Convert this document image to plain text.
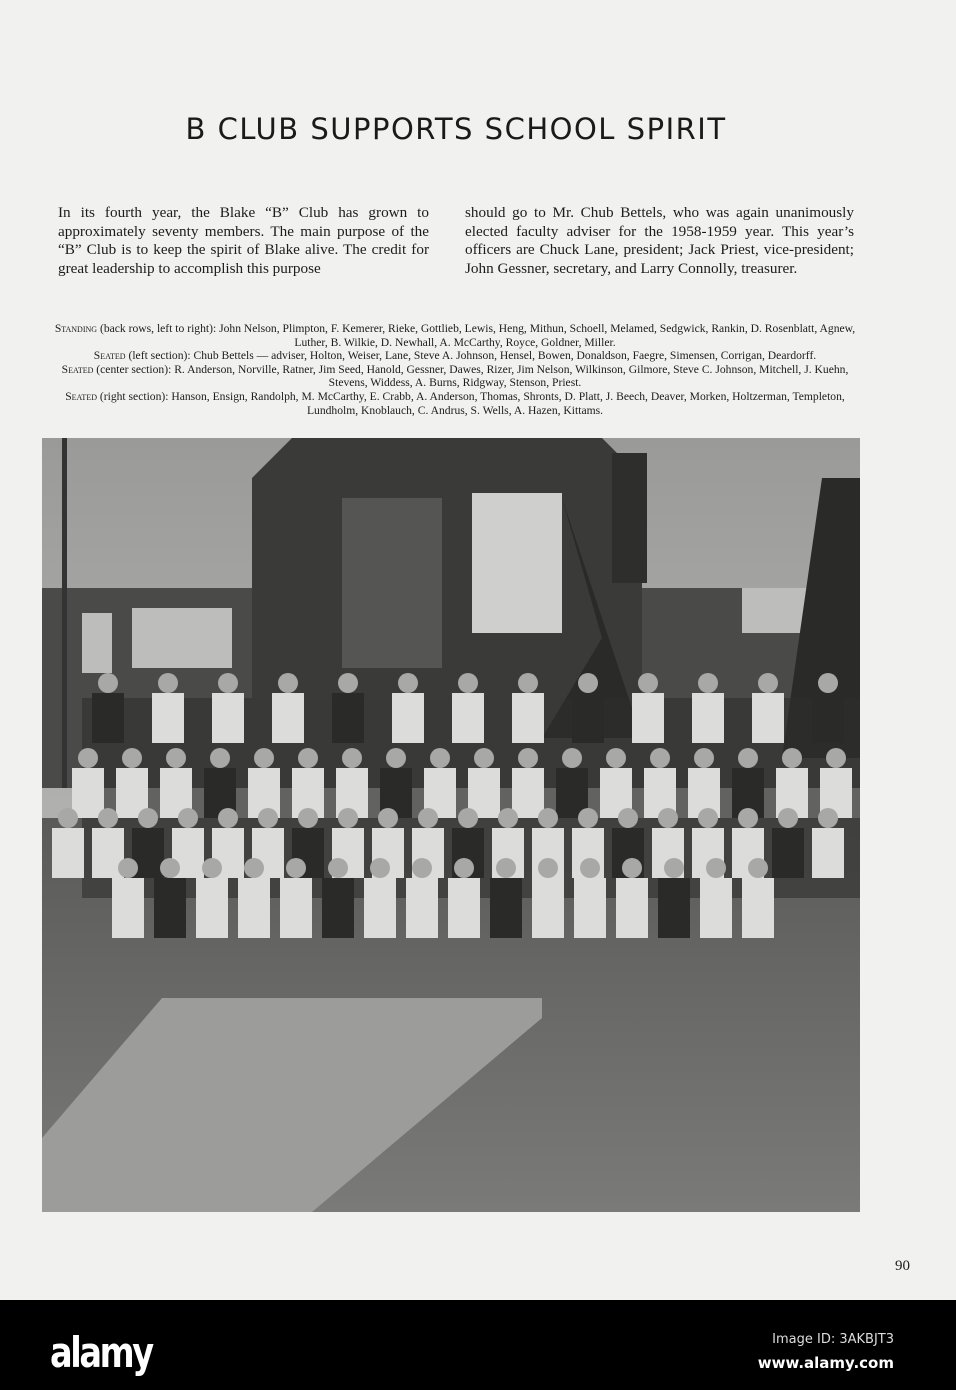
B CLUB SUPPORTS SCHOOL SPIRIT
In its fourth year, the Blake “B” Club has grown to approximately seventy members. The main purpose of the “B” Club is to keep the spirit of Blake alive. The credit for great leadership to accomplish this purpose
should go to Mr. Chub Bettels, who was again unanimously elected faculty adviser for the 1958-1959 year. This year’s officers are Chuck Lane, president; Jack Priest, vice-president; John Gessner, secretary, and Larry Connolly, treasurer.
Standing (back rows, left to right): John Nelson, Plimpton, F. Kemerer, Rieke, Gottlieb, Lewis, Heng, Mithun, Schoell, Melamed, Sedgwick, Rankin, D. Rosenblatt, Agnew, Luther, B. Wilkie, D. Newhall, A. McCarthy, Royce, Goldner, Miller.
Seated (left section): Chub Bettels — adviser, Holton, Weiser, Lane, Steve A. Johnson, Hensel, Bowen, Donaldson, Faegre, Simensen, Corrigan, Deardorff.
Seated (center section): R. Anderson, Norville, Ratner, Jim Seed, Hanold, Gessner, Dawes, Rizer, Jim Nelson, Wilkinson, Gilmore, Steve C. Johnson, Mitchell, J. Kuehn, Stevens, Widdess, A. Burns, Ridgway, Stenson, Priest.
Seated (right section): Hanson, Ensign, Randolph, M. McCarthy, E. Crabb, A. Anderson, Thomas, Shronts, D. Platt, J. Beech, Deaver, Morken, Holtzerman, Templeton, Lundholm, Knoblauch, C. Andrus, S. Wells, A. Hazen, Kittams.
90
alamy	Image ID: 3AKBJT3
www.alamy.com
